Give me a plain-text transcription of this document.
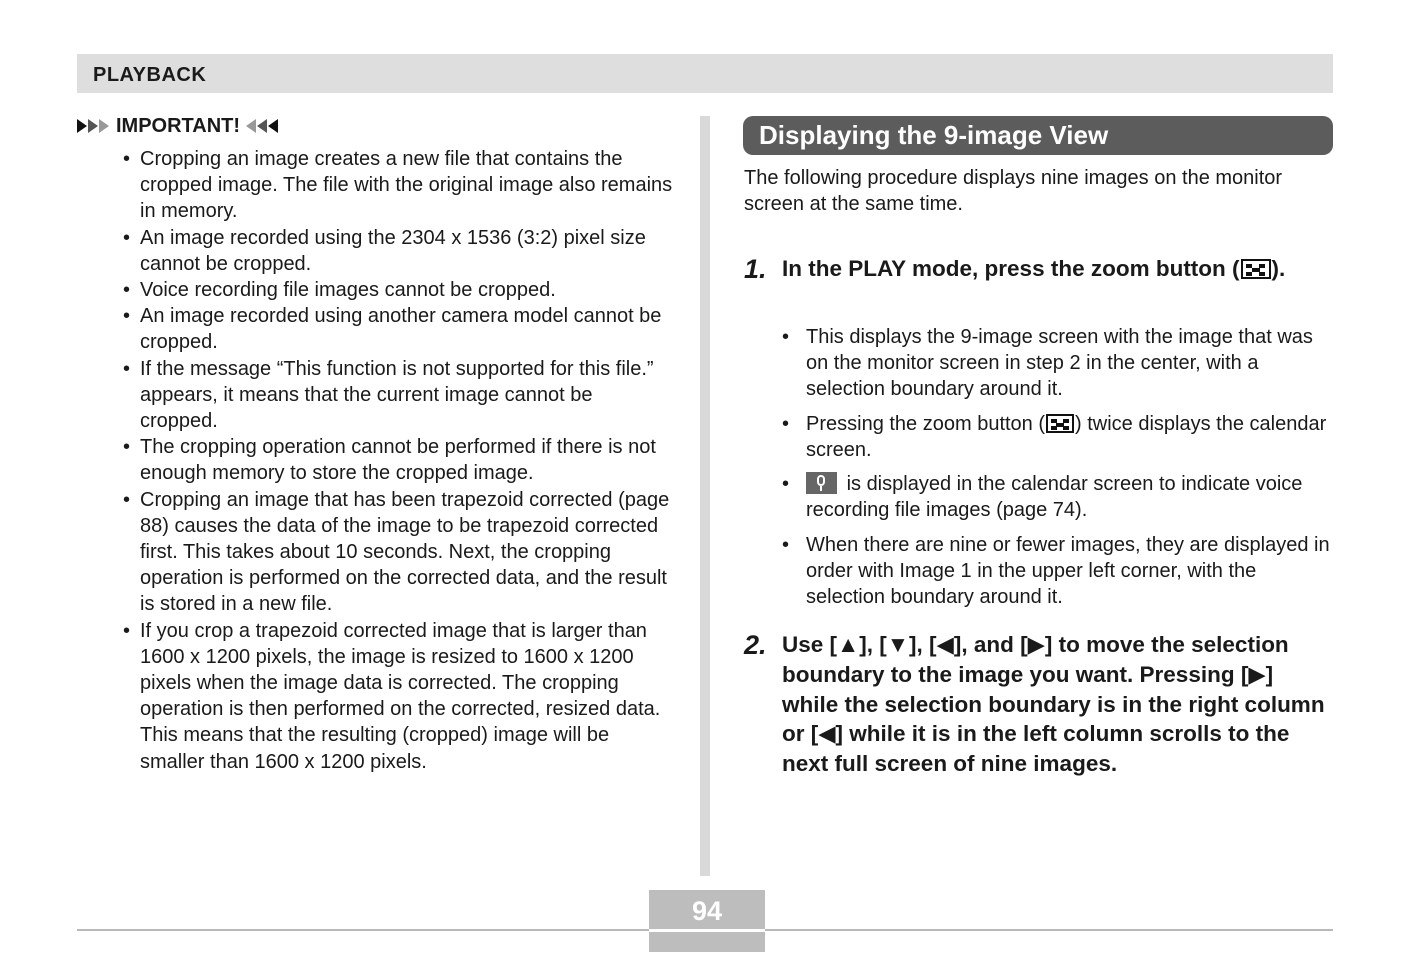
PLAYBACK
IMPORTANT!
• Cropping an image creates a new file that contains the cropped image. The file with the original image also remains in memory.
• An image recorded using the 2304 x 1536 (3:2) pixel size cannot be cropped.
• Voice recording file images cannot be cropped.
• An image recorded using another camera model cannot be cropped.
• If the message “This function is not supported for this file.” appears, it means that the current image cannot be cropped.
• The cropping operation cannot be performed if there is not enough memory to store the cropped image.
• Cropping an image that has been trapezoid corrected (page 88) causes the data of the image to be trapezoid corrected first. This takes about 10 seconds. Next, the cropping operation is performed on the corrected data, and the result is stored in a new file.
• If you crop a trapezoid corrected image that is larger than 1600 x 1200 pixels, the image is resized to 1600 x 1200 pixels when the image data is corrected. The cropping operation is then performed on the corrected, resized data. This means that the resulting (cropped) image will be smaller than 1600 x 1200 pixels.
Displaying the 9-image View
The following procedure displays nine images on the monitor screen at the same time.
1. In the PLAY mode, press the zoom button ( ).
• This displays the 9-image screen with the image that was on the monitor screen in step 2 in the center, with a selection boundary around it.
• Pressing the zoom button ( ) twice displays the calendar screen.
•	is displayed in the calendar screen to indicate voice recording file images (page 74).
• When there are nine or fewer images, they are displayed in order with Image 1 in the upper left corner, with the selection boundary around it.
2. Use [▲], [▼], [◀], and [▶] to move the selection boundary to the image you want. Pressing [▶] while the selection boundary is in the right column or [◀] while it is in the left column scrolls to the next full screen of nine images.
94
